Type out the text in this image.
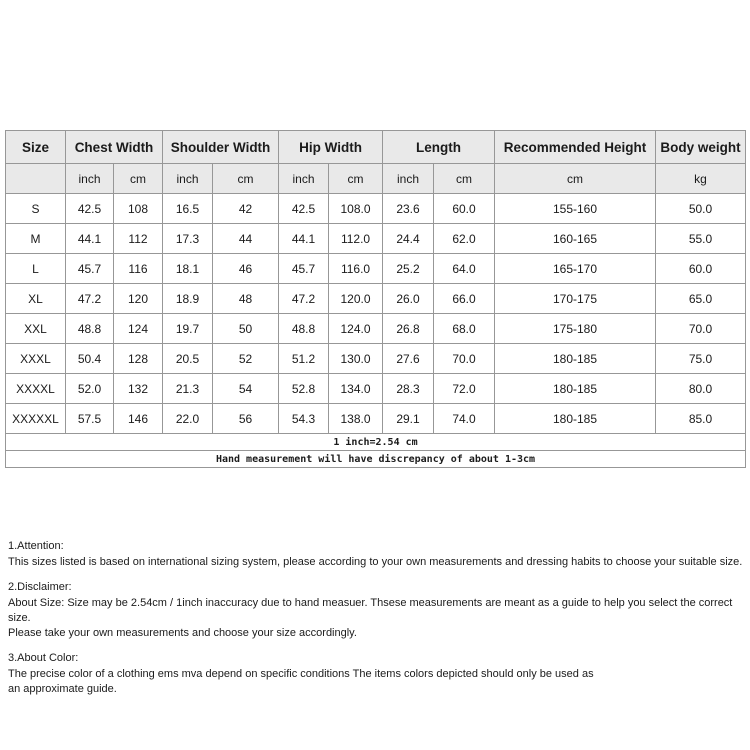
Size	Chest Width		Shoulder Width		Hip Width		Length		Recommended Height	Body weight
	inch	cm	inch	cm	inch	cm	inch	cm	cm	kg
S	42.5	108	16.5	42	42.5	108.0	23.6	60.0	155-160	50.0
M	44.1	112	17.3	44	44.1	112.0	24.4	62.0	160-165	55.0
L	45.7	116	18.1	46	45.7	116.0	25.2	64.0	165-170	60.0
XL	47.2	120	18.9	48	47.2	120.0	26.0	66.0	170-175	65.0
XXL	48.8	124	19.7	50	48.8	124.0	26.8	68.0	175-180	70.0
XXXL	50.4	128	20.5	52	51.2	130.0	27.6	70.0	180-185	75.0
XXXXL	52.0	132	21.3	54	52.8	134.0	28.3	72.0	180-185	80.0
XXXXXL	57.5	146	22.0	56	54.3	138.0	29.1	74.0	180-185	85.0
1 inch=2.54 cm										
Hand measurement will have discrepancy of about 1-3cm										

1.Attention:

This sizes listed is based on international sizing system, please according to your own measurements and dressing habits to choose your suitable size.

2.Disclaimer:

About Size: Size may be 2.54cm / 1inch inaccuracy due to hand measuer. Thsese measurements are meant as a guide to help you select the correct size.

Please take your own measurements and choose your size accordingly.

3.About Color:

The precise color of a clothing ems mva depend on specific conditions The items colors depicted should only be used as

an approximate guide.
